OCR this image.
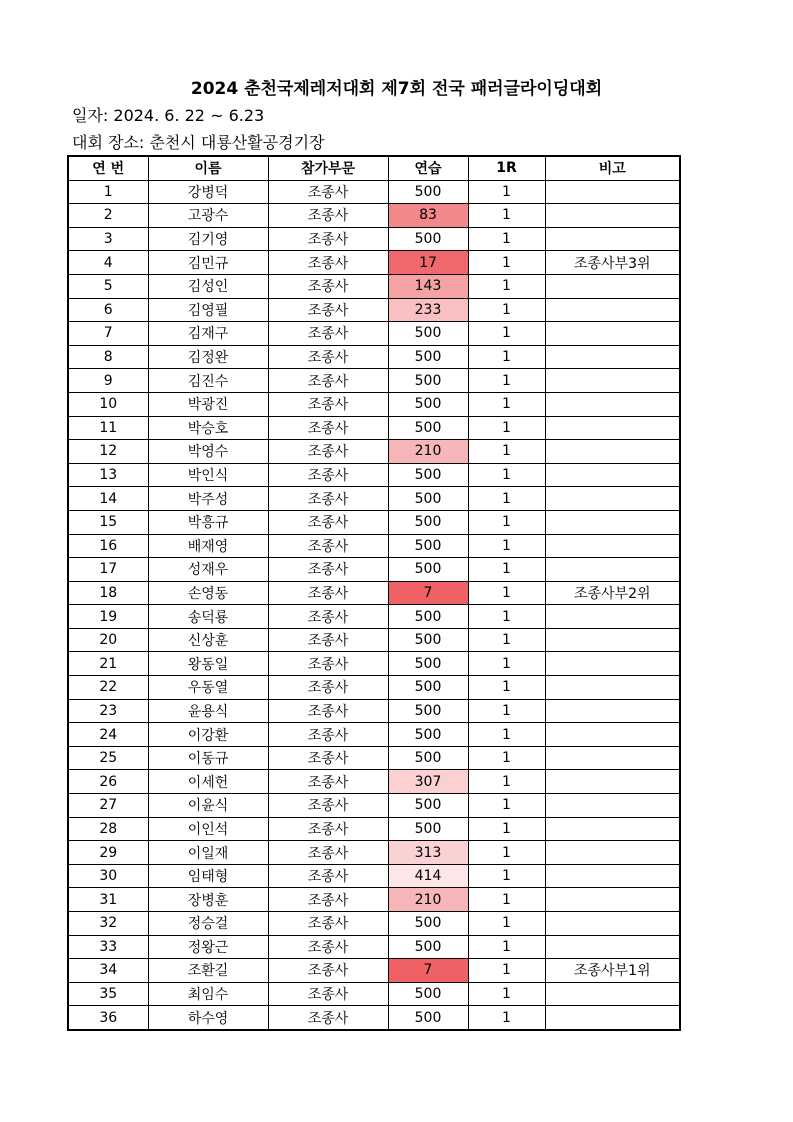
2024 춘천국제레저대회 제7회 전국 패러글라이딩대회
일자: 2024. 6. 22 ~ 6.23
대회 장소: 춘천시 대룡산활공경기장
연 번	이름	참가부문	연습	1R	비고
1	강병덕	조종사	500	1	
2	고광수	조종사	83	1	
3	김기영	조종사	500	1	
4	김민규	조종사	17	1	조종사부3위
5	김성인	조종사	143	1	
6	김영필	조종사	233	1	
7	김재구	조종사	500	1	
8	김정완	조종사	500	1	
9	김진수	조종사	500	1	
10	박광진	조종사	500	1	
11	박승호	조종사	500	1	
12	박영수	조종사	210	1	
13	박인식	조종사	500	1	
14	박주성	조종사	500	1	
15	박흥규	조종사	500	1	
16	배재영	조종사	500	1	
17	성재우	조종사	500	1	
18	손영동	조종사	7	1	조종사부2위
19	송덕룡	조종사	500	1	
20	신상훈	조종사	500	1	
21	왕동일	조종사	500	1	
22	우동열	조종사	500	1	
23	윤용식	조종사	500	1	
24	이강환	조종사	500	1	
25	이동규	조종사	500	1	
26	이세헌	조종사	307	1	
27	이윤식	조종사	500	1	
28	이인석	조종사	500	1	
29	이일재	조종사	313	1	
30	임태형	조종사	414	1	
31	장병훈	조종사	210	1	
32	정승걸	조종사	500	1	
33	정왕근	조종사	500	1	
34	조환길	조종사	7	1	조종사부1위
35	최임수	조종사	500	1	
36	하수영	조종사	500	1	
